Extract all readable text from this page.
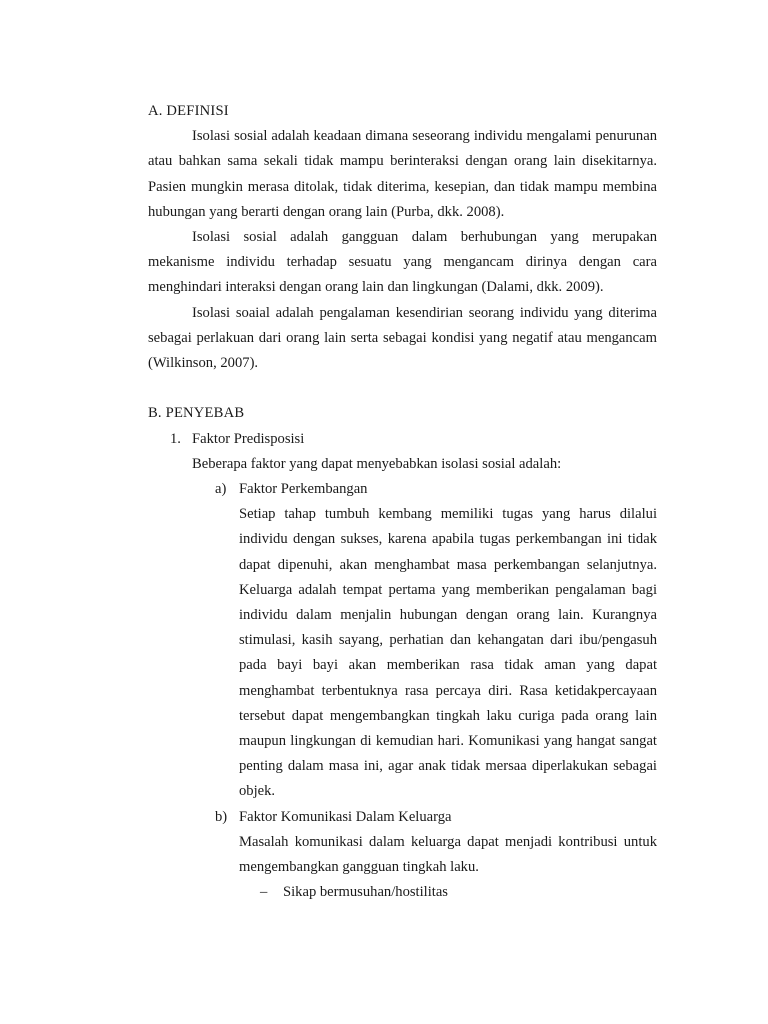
A. DEFINISI

Isolasi sosial adalah keadaan dimana seseorang individu mengalami penurunan atau bahkan sama sekali tidak mampu berinteraksi dengan orang lain disekitarnya. Pasien mungkin merasa ditolak, tidak diterima, kesepian, dan tidak mampu membina hubungan yang berarti dengan orang lain (Purba, dkk. 2008).

Isolasi sosial adalah gangguan dalam berhubungan yang merupakan mekanisme individu terhadap sesuatu yang mengancam dirinya dengan cara menghindari interaksi dengan orang lain dan lingkungan (Dalami, dkk. 2009).

Isolasi soaial adalah pengalaman kesendirian seorang individu yang diterima sebagai perlakuan dari orang lain serta sebagai kondisi yang negatif atau mengancam (Wilkinson, 2007).

B. PENYEBAB

1. Faktor Predisposisi

Beberapa faktor yang dapat menyebabkan isolasi sosial adalah:

a) Faktor Perkembangan

Setiap tahap tumbuh kembang memiliki tugas yang harus dilalui individu dengan sukses, karena apabila tugas perkembangan ini tidak dapat dipenuhi, akan menghambat masa perkembangan selanjutnya. Keluarga adalah tempat pertama yang memberikan pengalaman bagi individu dalam menjalin hubungan dengan orang lain. Kurangnya stimulasi, kasih sayang, perhatian dan kehangatan dari ibu/pengasuh pada bayi bayi akan memberikan rasa tidak aman yang dapat menghambat terbentuknya rasa percaya diri. Rasa ketidakpercayaan tersebut dapat mengembangkan tingkah laku curiga pada orang lain maupun lingkungan di kemudian hari. Komunikasi yang hangat sangat penting dalam masa ini, agar anak tidak mersaa diperlakukan sebagai objek.

b) Faktor Komunikasi Dalam Keluarga

Masalah komunikasi dalam keluarga dapat menjadi kontribusi untuk mengembangkan gangguan tingkah laku.

– Sikap bermusuhan/hostilitas
